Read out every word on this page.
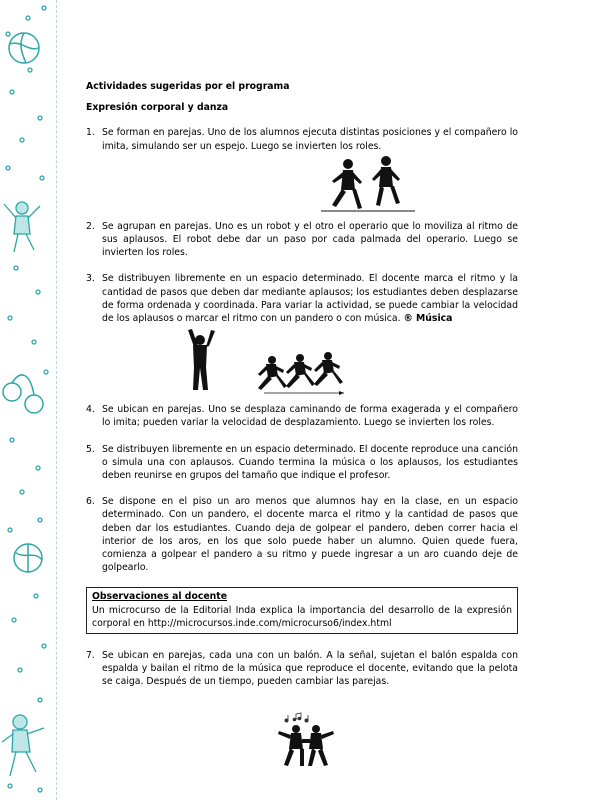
Actividades sugeridas por el programa

Expresión corporal y danza

1. Se forman en parejas. Uno de los alumnos ejecuta distintas posiciones y el compañero lo imita, simulando ser un espejo. Luego se invierten los roles.
2. Se agrupan en parejas. Uno es un robot y el otro el operario que lo moviliza al ritmo de sus aplausos. El robot debe dar un paso por cada palmada del operario. Luego se invierten los roles.
3. Se distribuyen libremente en un espacio determinado. El docente marca el ritmo y la cantidad de pasos que deben dar mediante aplausos; los estudiantes deben desplazarse de forma ordenada y coordinada. Para variar la actividad, se puede cambiar la velocidad de los aplausos o marcar el ritmo con un pandero o con música. ® Música
4. Se ubican en parejas. Uno se desplaza caminando de forma exagerada y el compañero lo imita; pueden variar la velocidad de desplazamiento. Luego se invierten los roles.
5. Se distribuyen libremente en un espacio determinado. El docente reproduce una canción o simula una con aplausos. Cuando termina la música o los aplausos, los estudiantes deben reunirse en grupos del tamaño que indique el profesor.
6. Se dispone en el piso un aro menos que alumnos hay en la clase, en un espacio determinado. Con un pandero, el docente marca el ritmo y la cantidad de pasos que deben dar los estudiantes. Cuando deja de golpear el pandero, deben correr hacia el interior de los aros, en los que solo puede haber un alumno. Quien quede fuera, comienza a golpear el pandero a su ritmo y puede ingresar a un aro cuando deje de golpearlo.
Observaciones al docente
Un microcurso de la Editorial Inda explica la importancia del desarrollo de la expresión corporal en http://microcursos.inde.com/microcurso6/index.html
7. Se ubican en parejas, cada una con un balón. A la señal, sujetan el balón espalda con espalda y bailan el ritmo de la música que reproduce el docente, evitando que la pelota se caiga. Después de un tiempo, pueden cambiar las parejas.
